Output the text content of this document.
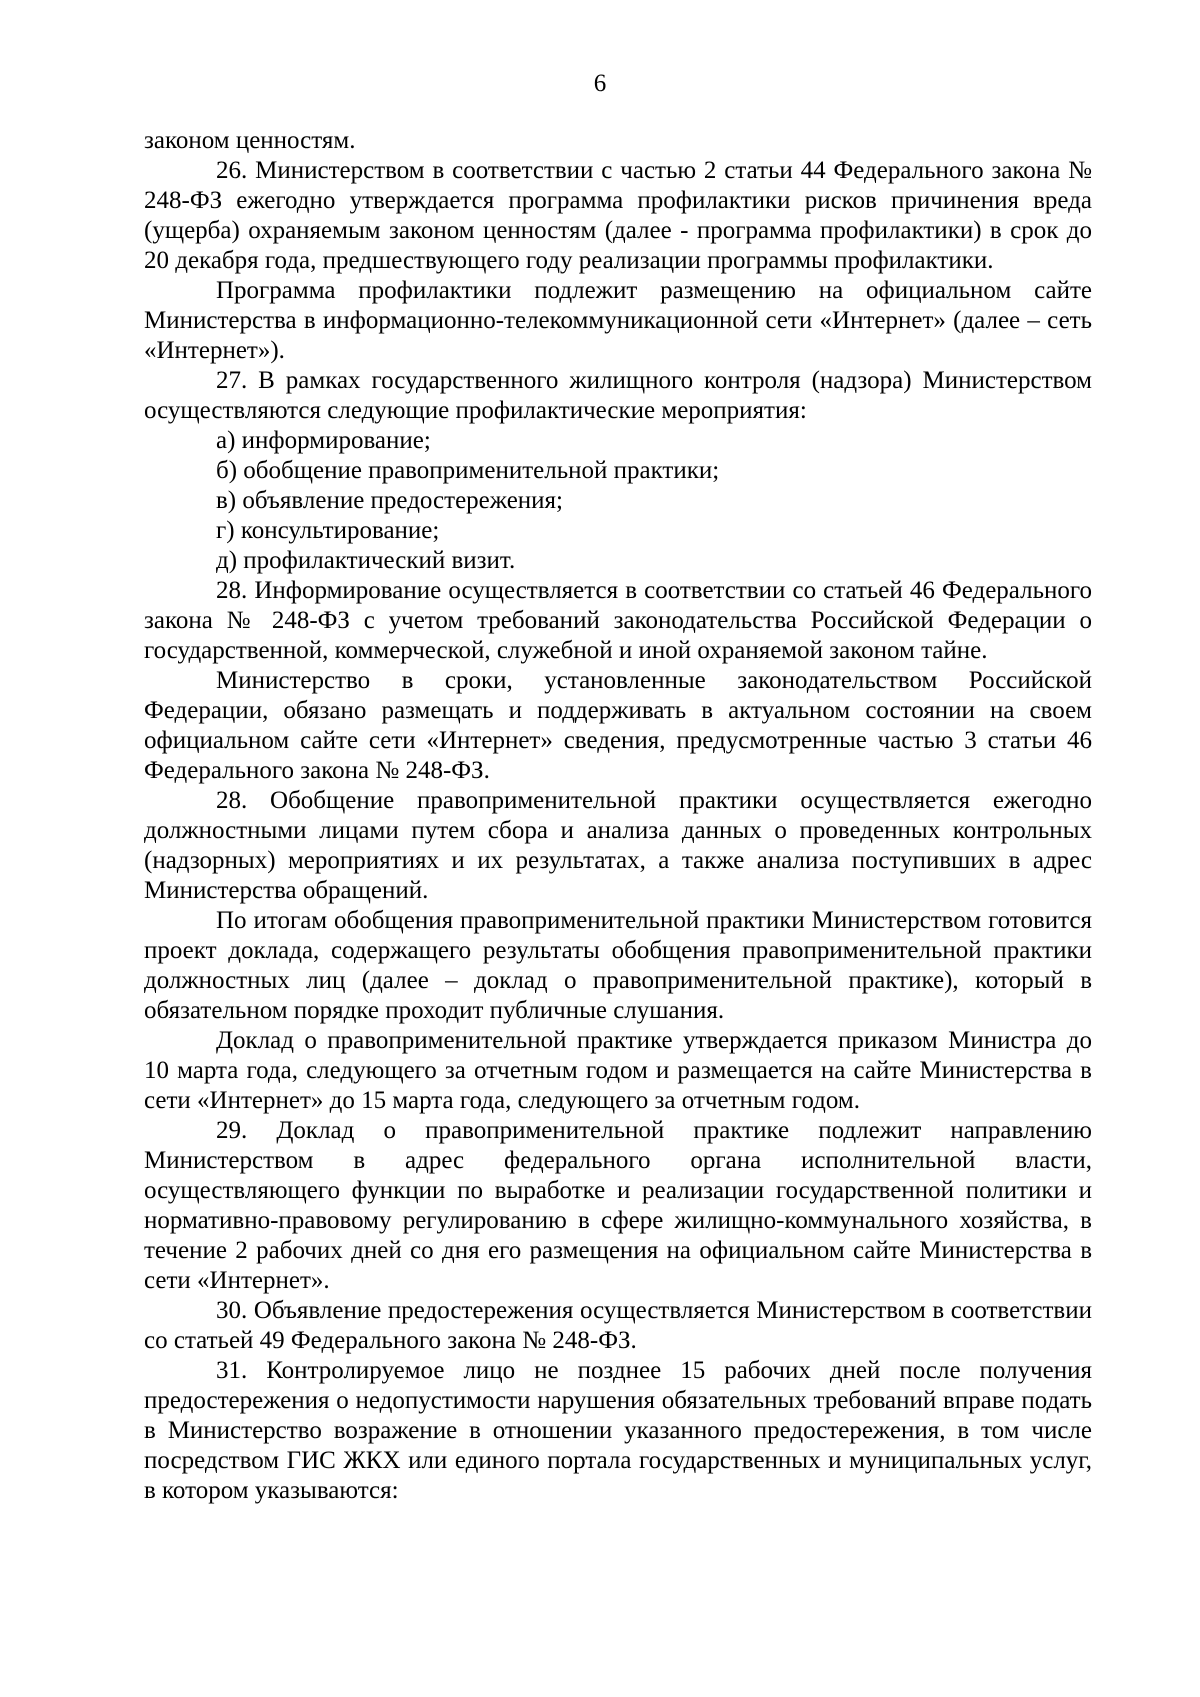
6

законом ценностям.

26. Министерством в соответствии с частью 2 статьи 44 Федерального закона № 248-ФЗ ежегодно утверждается программа профилактики рисков причинения вреда (ущерба) охраняемым законом ценностям (далее - программа профилактики) в срок до 20 декабря года, предшествующего году реализации программы профилактики.

Программа профилактики подлежит размещению на официальном сайте Министерства в информационно-телекоммуникационной сети «Интернет» (далее – сеть «Интернет»).

27. В рамках государственного жилищного контроля (надзора) Министерством осуществляются следующие профилактические мероприятия:

а) информирование;

б) обобщение правоприменительной практики;

в) объявление предостережения;

г) консультирование;

д) профилактический визит.

28. Информирование осуществляется в соответствии со статьей 46 Федерального закона № 248-ФЗ с учетом требований законодательства Российской Федерации о государственной, коммерческой, служебной и иной охраняемой законом тайне.

Министерство в сроки, установленные законодательством Российской Федерации, обязано размещать и поддерживать в актуальном состоянии на своем официальном сайте сети «Интернет» сведения, предусмотренные частью 3 статьи 46 Федерального закона № 248-ФЗ.

28. Обобщение правоприменительной практики осуществляется ежегодно должностными лицами путем сбора и анализа данных о проведенных контрольных (надзорных) мероприятиях и их результатах, а также анализа поступивших в адрес Министерства обращений.

По итогам обобщения правоприменительной практики Министерством готовится проект доклада, содержащего результаты обобщения правоприменительной практики должностных лиц (далее – доклад о правоприменительной практике), который в обязательном порядке проходит публичные слушания.

Доклад о правоприменительной практике утверждается приказом Министра до 10 марта года, следующего за отчетным годом и размещается на сайте Министерства в сети «Интернет» до 15 марта года, следующего за отчетным годом.

29. Доклад о правоприменительной практике подлежит направлению Министерством в адрес федерального органа исполнительной власти, осуществляющего функции по выработке и реализации государственной политики и нормативно-правовому регулированию в сфере жилищно-коммунального хозяйства, в течение 2 рабочих дней со дня его размещения на официальном сайте Министерства в сети «Интернет».

30. Объявление предостережения осуществляется Министерством в соответствии со статьей 49 Федерального закона № 248-ФЗ.

31. Контролируемое лицо не позднее 15 рабочих дней после получения предостережения о недопустимости нарушения обязательных требований вправе подать в Министерство возражение в отношении указанного предостережения, в том числе посредством ГИС ЖКХ или единого портала государственных и муниципальных услуг, в котором указываются:
